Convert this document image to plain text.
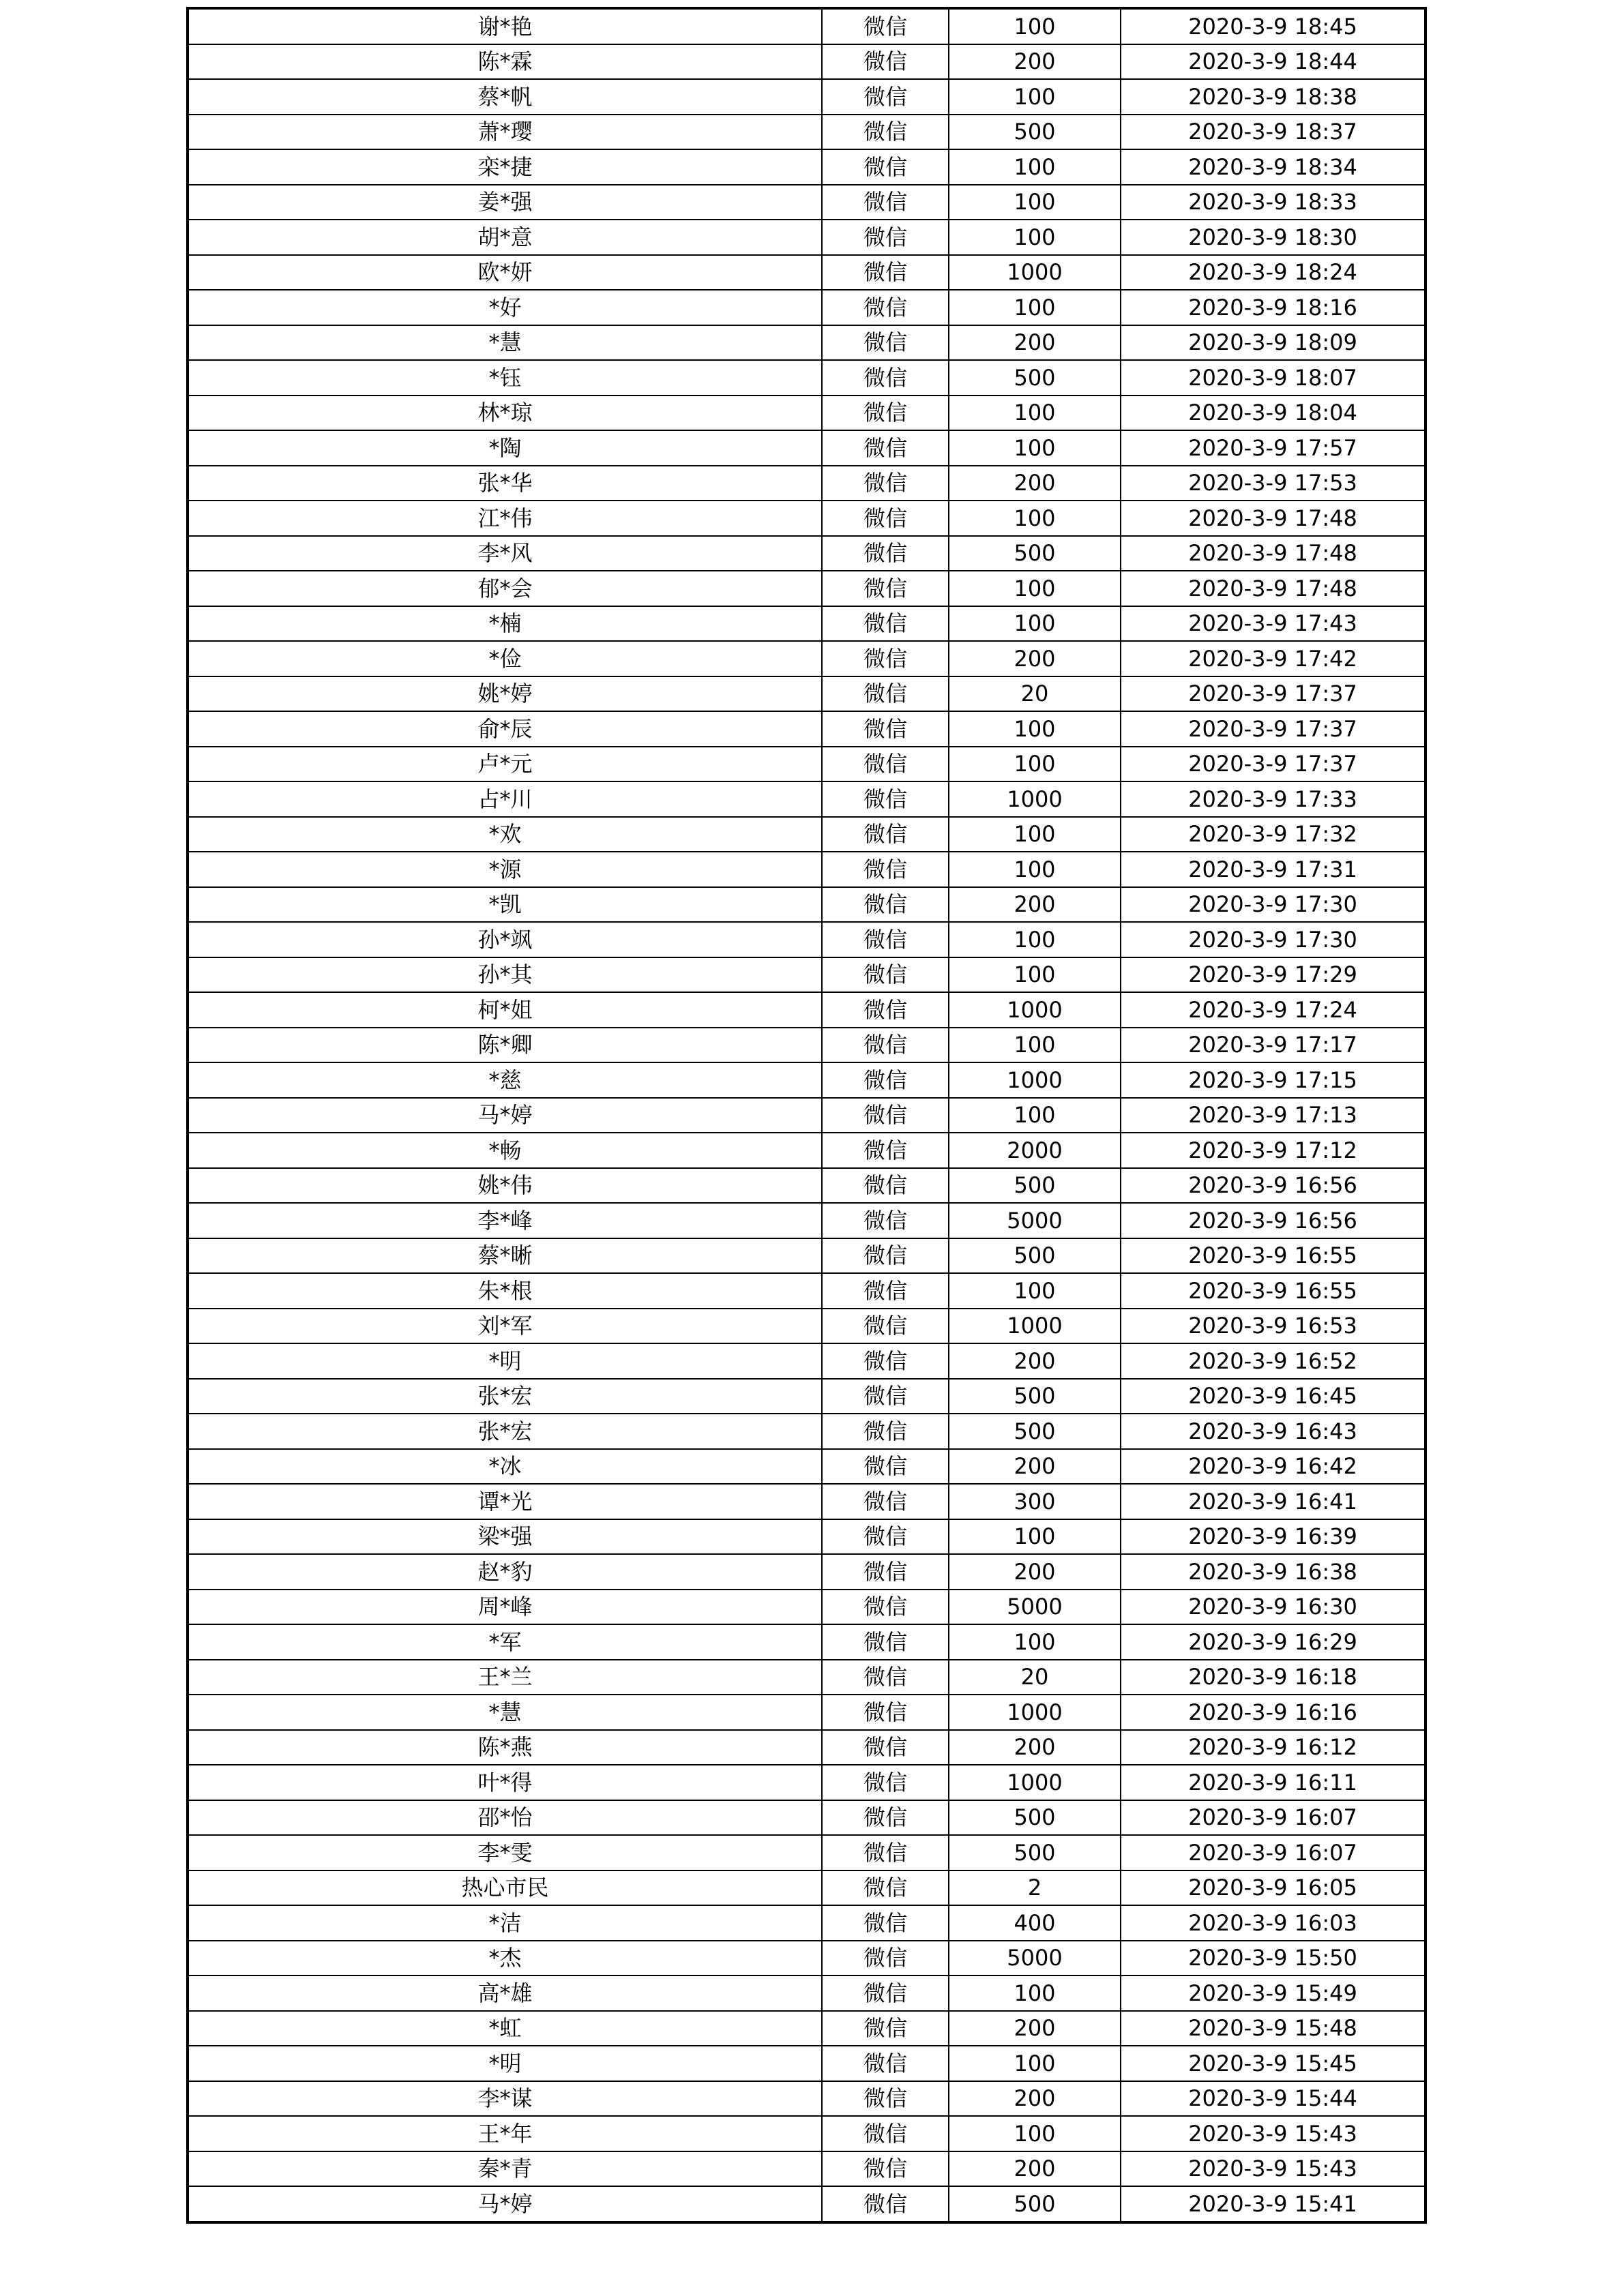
谢*艳	微信	100	2020-3-9 18:45
陈*霖	微信	200	2020-3-9 18:44
蔡*帆	微信	100	2020-3-9 18:38
萧*璎	微信	500	2020-3-9 18:37
栾*捷	微信	100	2020-3-9 18:34
姜*强	微信	100	2020-3-9 18:33
胡*意	微信	100	2020-3-9 18:30
欧*妍	微信	1000	2020-3-9 18:24
*好	微信	100	2020-3-9 18:16
*慧	微信	200	2020-3-9 18:09
*钰	微信	500	2020-3-9 18:07
林*琼	微信	100	2020-3-9 18:04
*陶	微信	100	2020-3-9 17:57
张*华	微信	200	2020-3-9 17:53
江*伟	微信	100	2020-3-9 17:48
李*风	微信	500	2020-3-9 17:48
郁*会	微信	100	2020-3-9 17:48
*楠	微信	100	2020-3-9 17:43
*俭	微信	200	2020-3-9 17:42
姚*婷	微信	20	2020-3-9 17:37
俞*辰	微信	100	2020-3-9 17:37
卢*元	微信	100	2020-3-9 17:37
占*川	微信	1000	2020-3-9 17:33
*欢	微信	100	2020-3-9 17:32
*源	微信	100	2020-3-9 17:31
*凯	微信	200	2020-3-9 17:30
孙*飒	微信	100	2020-3-9 17:30
孙*其	微信	100	2020-3-9 17:29
柯*姐	微信	1000	2020-3-9 17:24
陈*卿	微信	100	2020-3-9 17:17
*慈	微信	1000	2020-3-9 17:15
马*婷	微信	100	2020-3-9 17:13
*畅	微信	2000	2020-3-9 17:12
姚*伟	微信	500	2020-3-9 16:56
李*峰	微信	5000	2020-3-9 16:56
蔡*晰	微信	500	2020-3-9 16:55
朱*根	微信	100	2020-3-9 16:55
刘*军	微信	1000	2020-3-9 16:53
*明	微信	200	2020-3-9 16:52
张*宏	微信	500	2020-3-9 16:45
张*宏	微信	500	2020-3-9 16:43
*冰	微信	200	2020-3-9 16:42
谭*光	微信	300	2020-3-9 16:41
梁*强	微信	100	2020-3-9 16:39
赵*豹	微信	200	2020-3-9 16:38
周*峰	微信	5000	2020-3-9 16:30
*军	微信	100	2020-3-9 16:29
王*兰	微信	20	2020-3-9 16:18
*慧	微信	1000	2020-3-9 16:16
陈*燕	微信	200	2020-3-9 16:12
叶*得	微信	1000	2020-3-9 16:11
邵*怡	微信	500	2020-3-9 16:07
李*雯	微信	500	2020-3-9 16:07
热心市民	微信	2	2020-3-9 16:05
*洁	微信	400	2020-3-9 16:03
*杰	微信	5000	2020-3-9 15:50
高*雄	微信	100	2020-3-9 15:49
*虹	微信	200	2020-3-9 15:48
*明	微信	100	2020-3-9 15:45
李*谋	微信	200	2020-3-9 15:44
王*年	微信	100	2020-3-9 15:43
秦*青	微信	200	2020-3-9 15:43
马*婷	微信	500	2020-3-9 15:41
